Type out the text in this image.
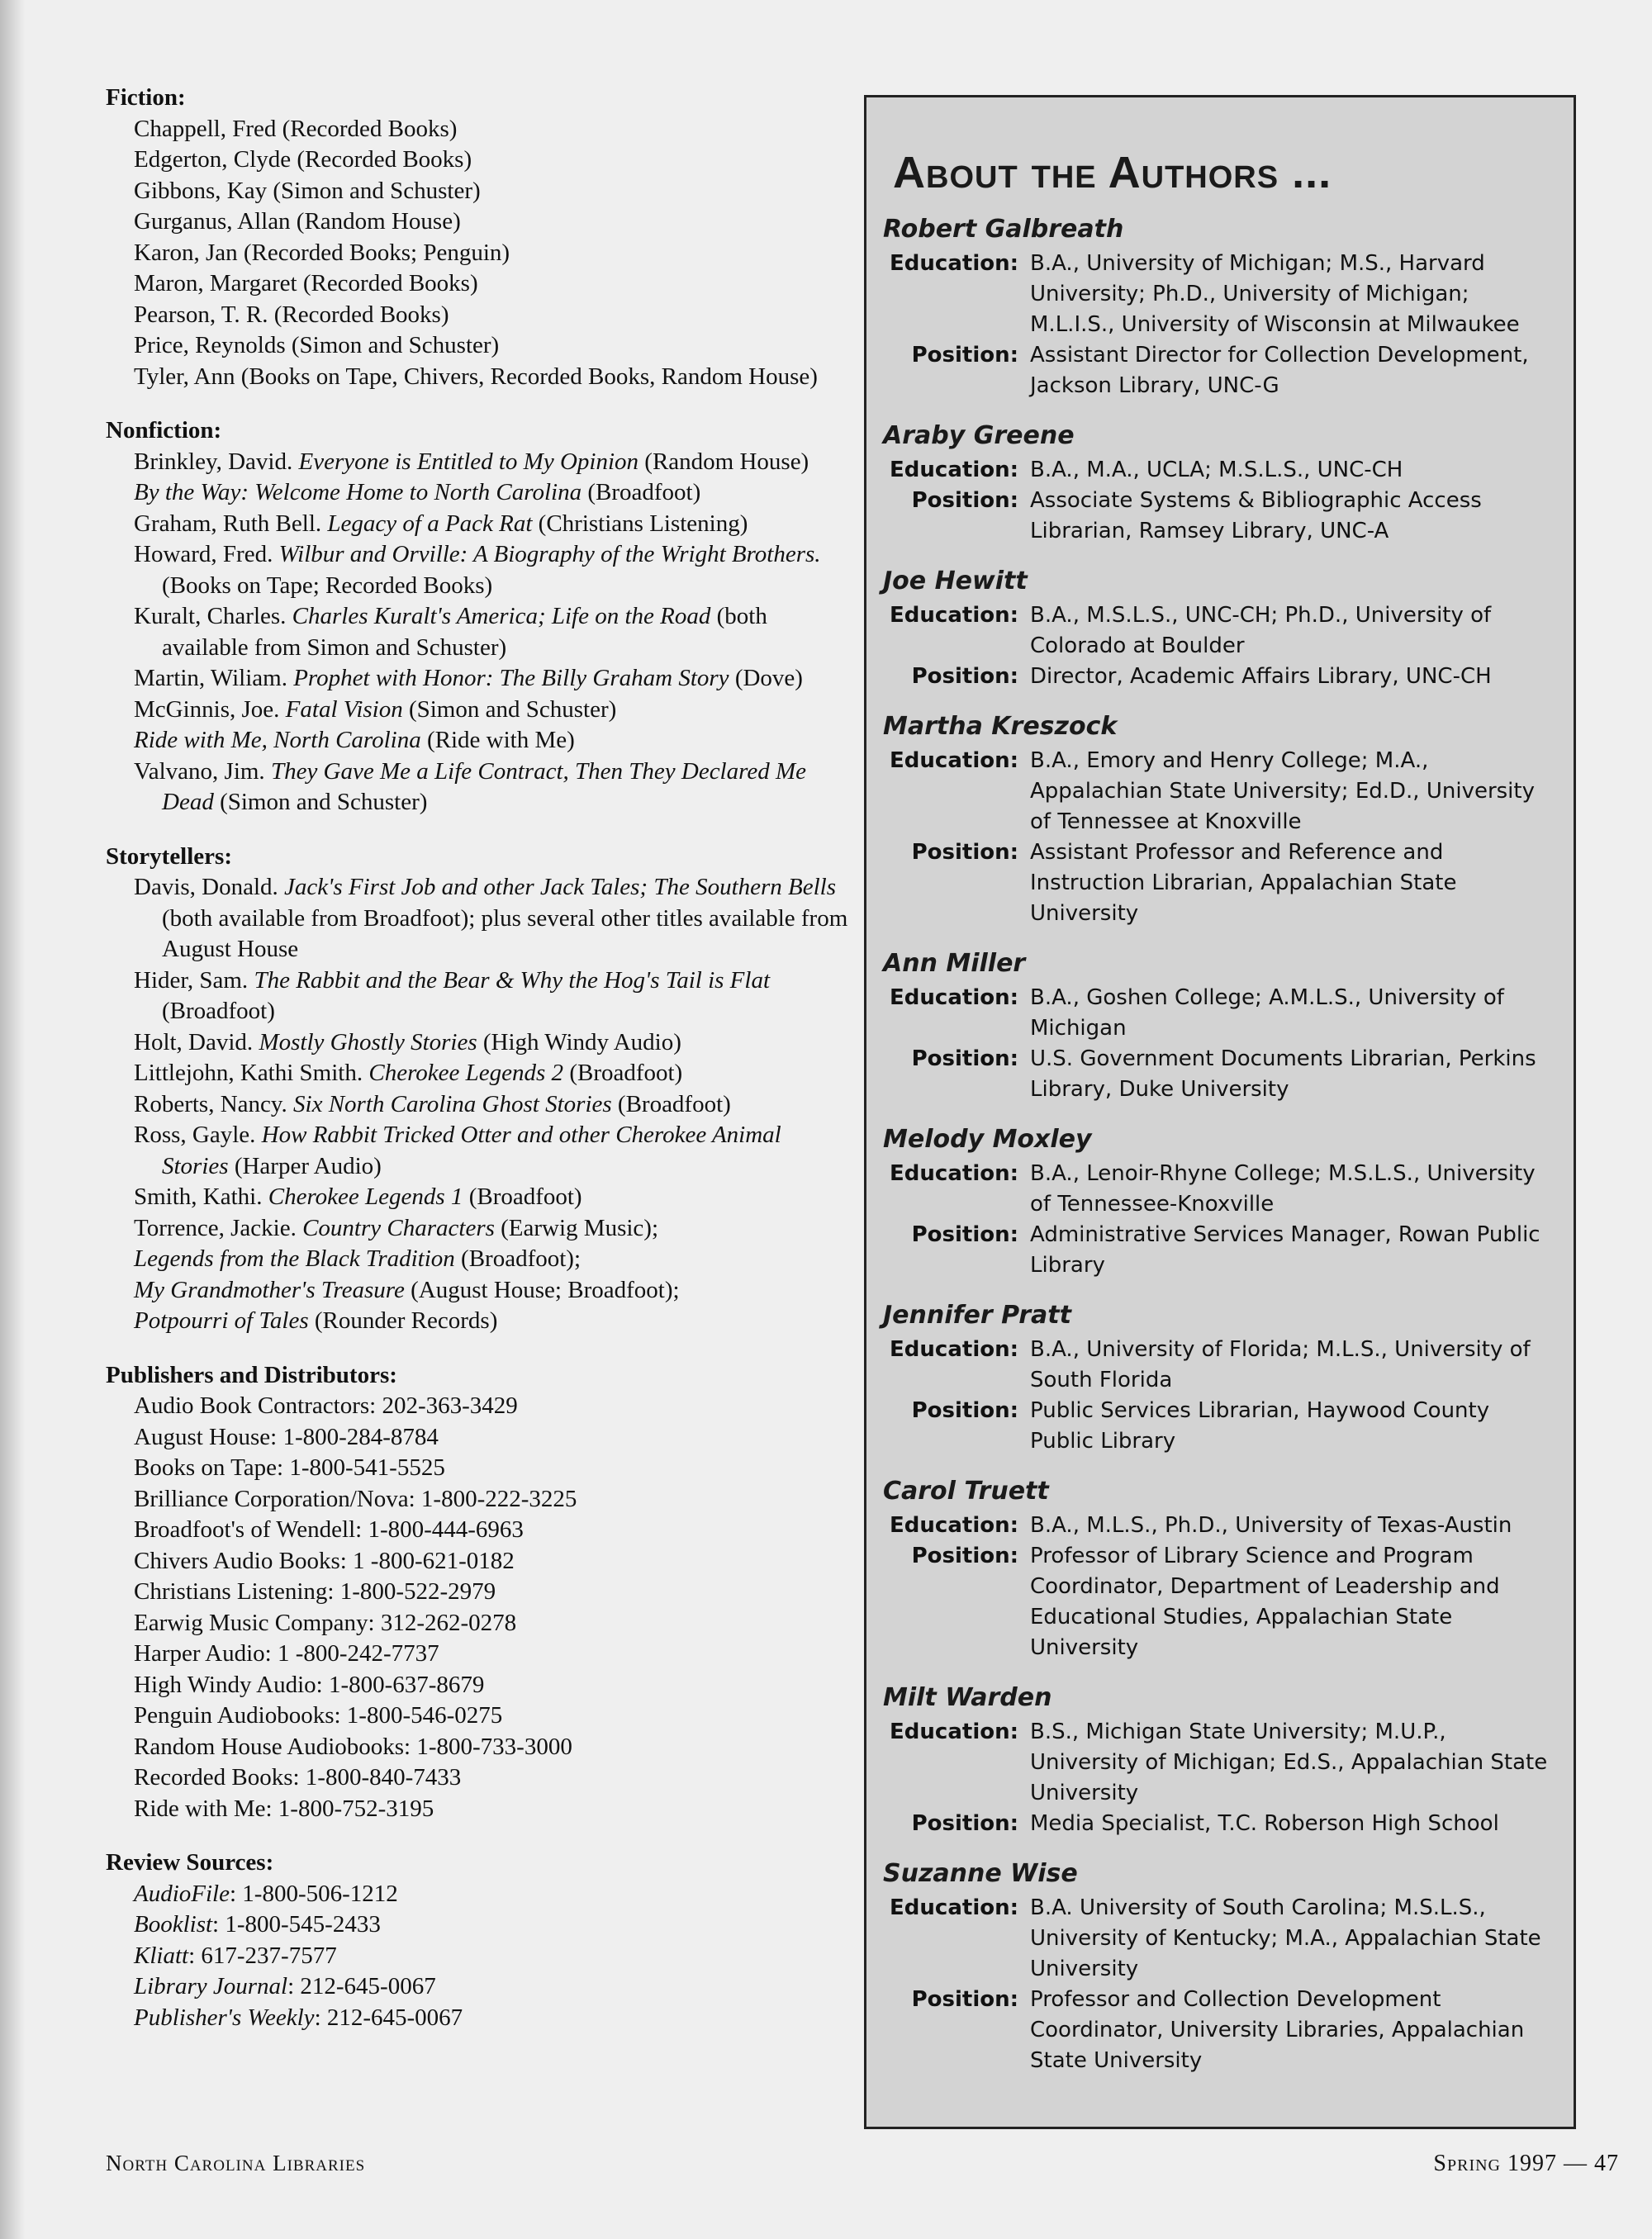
Fiction:

Chappell, Fred (Recorded Books)

Edgerton, Clyde (Recorded Books)

Gibbons, Kay (Simon and Schuster)

Gurganus, Allan (Random House)

Karon, Jan (Recorded Books; Penguin)

Maron, Margaret (Recorded Books)

Pearson, T. R. (Recorded Books)

Price, Reynolds (Simon and Schuster)

Tyler, Ann (Books on Tape, Chivers, Recorded Books, Random House)

Nonfiction:

Brinkley, David. Everyone is Entitled to My Opinion (Random House)

By the Way: Welcome Home to North Carolina (Broadfoot)

Graham, Ruth Bell. Legacy of a Pack Rat (Christians Listening)

Howard, Fred. Wilbur and Orville: A Biography of the Wright Brothers. (Books on Tape; Recorded Books)

Kuralt, Charles. Charles Kuralt's America; Life on the Road (both available from Simon and Schuster)

Martin, Wiliam. Prophet with Honor: The Billy Graham Story (Dove)

McGinnis, Joe. Fatal Vision (Simon and Schuster)

Ride with Me, North Carolina (Ride with Me)

Valvano, Jim. They Gave Me a Life Contract, Then They Declared Me Dead (Simon and Schuster)

Storytellers:

Davis, Donald. Jack's First Job and other Jack Tales; The Southern Bells (both available from Broadfoot); plus several other titles available from August House

Hider, Sam. The Rabbit and the Bear & Why the Hog's Tail is Flat (Broadfoot)

Holt, David. Mostly Ghostly Stories (High Windy Audio)

Littlejohn, Kathi Smith. Cherokee Legends 2 (Broadfoot)

Roberts, Nancy. Six North Carolina Ghost Stories (Broadfoot)

Ross, Gayle. How Rabbit Tricked Otter and other Cherokee Animal Stories (Harper Audio)

Smith, Kathi. Cherokee Legends 1 (Broadfoot)

Torrence, Jackie. Country Characters (Earwig Music);

Legends from the Black Tradition (Broadfoot);

My Grandmother's Treasure (August House; Broadfoot);

Potpourri of Tales (Rounder Records)

Publishers and Distributors:

Audio Book Contractors: 202-363-3429

August House: 1-800-284-8784

Books on Tape: 1-800-541-5525

Brilliance Corporation/Nova: 1-800-222-3225

Broadfoot's of Wendell: 1-800-444-6963

Chivers Audio Books: 1 -800-621-0182

Christians Listening: 1-800-522-2979

Earwig Music Company: 312-262-0278

Harper Audio: 1 -800-242-7737

High Windy Audio: 1-800-637-8679

Penguin Audiobooks: 1-800-546-0275

Random House Audiobooks: 1-800-733-3000

Recorded Books: 1-800-840-7433

Ride with Me: 1-800-752-3195

Review Sources:

AudioFile: 1-800-506-1212

Booklist: 1-800-545-2433

Kliatt: 617-237-7577

Library Journal: 212-645-0067

Publisher's Weekly: 212-645-0067

About the Authors ...
Robert Galbreath
Education: B.A., University of Michigan; M.S., Harvard University; Ph.D., University of Michigan; M.L.I.S., University of Wisconsin at Milwaukee
Position: Assistant Director for Collection Development, Jackson Library, UNC-G
Araby Greene
Education: B.A., M.A., UCLA; M.S.L.S., UNC-CH
Position: Associate Systems & Bibliographic Access Librarian, Ramsey Library, UNC-A
Joe Hewitt
Education: B.A., M.S.L.S., UNC-CH; Ph.D., University of Colorado at Boulder
Position: Director, Academic Affairs Library, UNC-CH
Martha Kreszock
Education: B.A., Emory and Henry College; M.A., Appalachian State University; Ed.D., University of Tennessee at Knoxville
Position: Assistant Professor and Reference and Instruction Librarian, Appalachian State University
Ann Miller
Education: B.A., Goshen College; A.M.L.S., University of Michigan
Position: U.S. Government Documents Librarian, Perkins Library, Duke University
Melody Moxley
Education: B.A., Lenoir-Rhyne College; M.S.L.S., University of Tennessee-Knoxville
Position: Administrative Services Manager, Rowan Public Library
Jennifer Pratt
Education: B.A., University of Florida; M.L.S., University of South Florida
Position: Public Services Librarian, Haywood County Public Library
Carol Truett
Education: B.A., M.L.S., Ph.D., University of Texas-Austin
Position: Professor of Library Science and Program Coordinator, Department of Leadership and Educational Studies, Appalachian State University
Milt Warden
Education: B.S., Michigan State University; M.U.P., University of Michigan; Ed.S., Appalachian State University
Position: Media Specialist, T.C. Roberson High School
Suzanne Wise
Education: B.A. University of South Carolina; M.S.L.S., University of Kentucky; M.A., Appalachian State University
Position: Professor and Collection Development Coordinator, University Libraries, Appalachian State University
North Carolina Libraries	Spring 1997 — 47
